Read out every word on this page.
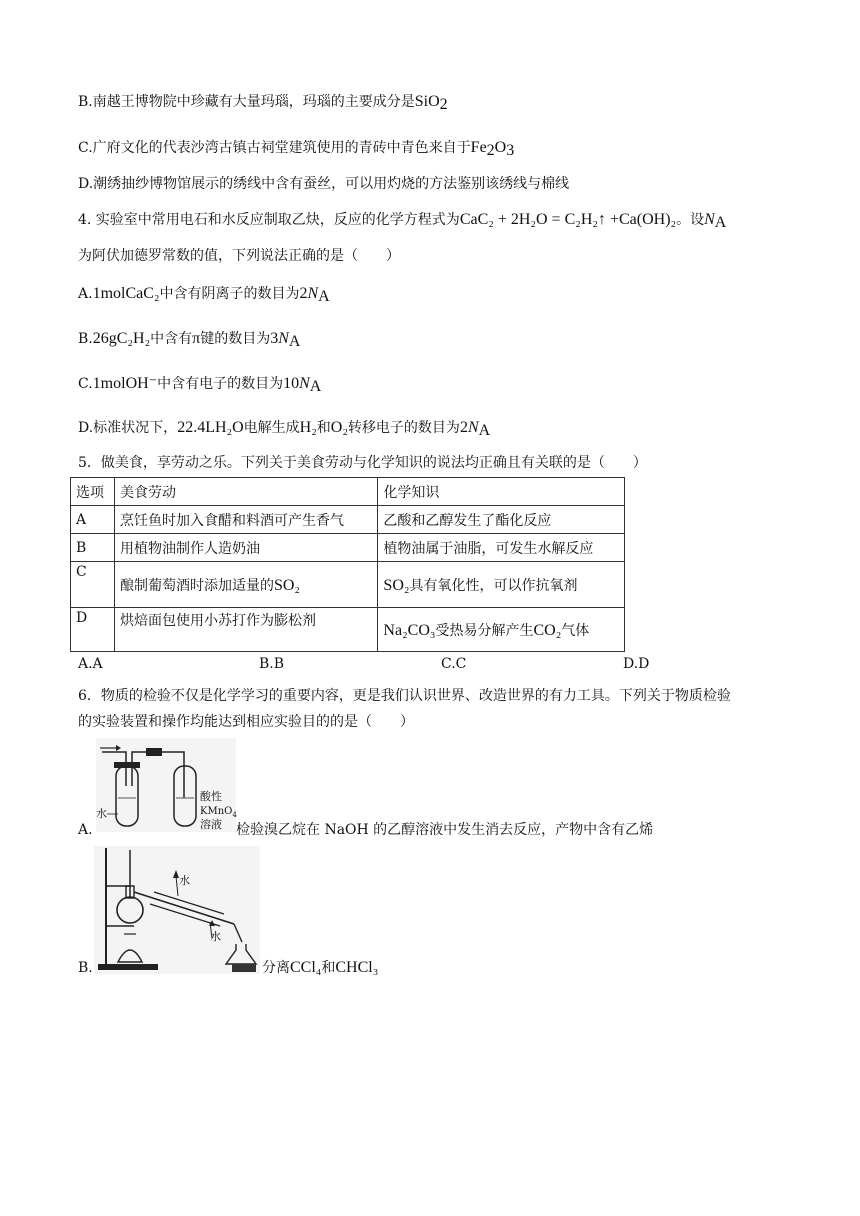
B.南越王博物院中珍藏有大量玛瑙，玛瑙的主要成分是SiO$_2$
C.广府文化的代表沙湾古镇古祠堂建筑使用的青砖中青色来自于$Fe_2O_3$
D.潮绣抽纱博物馆展示的绣线中含有蚕丝，可以用灼烧的方法鉴别该绣线与棉线
4. 实验室中常用电石和水反应制取乙炔，反应的化学方程式为CaC₂ + 2H₂O = C₂H₂↑ +Ca(OH)₂。设$N_A$
为阿伏加德罗常数的值，下列说法正确的是（　　）
A.1molCaC₂中含有阴离子的数目为$2N_A$
B.26gC₂H₂中含有π键的数目为$3N_A$
C.1molOH⁻中含有电子的数目为$10N_A$
D.标准状况下，22.4LH₂O电解生成H₂和O₂转移电子的数目为$2N_A$
5．做美食，享劳动之乐。下列关于美食劳动与化学知识的说法均正确且有关联的是（　　）
选项	美食劳动	化学知识
A	烹饪鱼时加入食醋和料酒可产生香气	乙酸和乙醇发生了酯化反应
B	用植物油制作人造奶油	植物油属于油脂，可发生水解反应
C	酿制葡萄酒时添加适量的SO₂	SO₂具有氧化性，可以作抗氧剂
D	烘焙面包使用小苏打作为膨松剂	Na₂CO₃受热易分解产生CO₂气体
A.A	B.B	C.C	D.D
6．物质的检验不仅是化学学习的重要内容，更是我们认识世界、改造世界的有力工具。下列关于物质检验
的实验装置和操作均能达到相应实验目的的是（　　）
水
酸性
KMnO$_4$
溶液
A.	检验溴乙烷在 NaOH 的乙醇溶液中发生消去反应，产物中含有乙烯
水
水
B.	分离CCl₄和CHCl₃
